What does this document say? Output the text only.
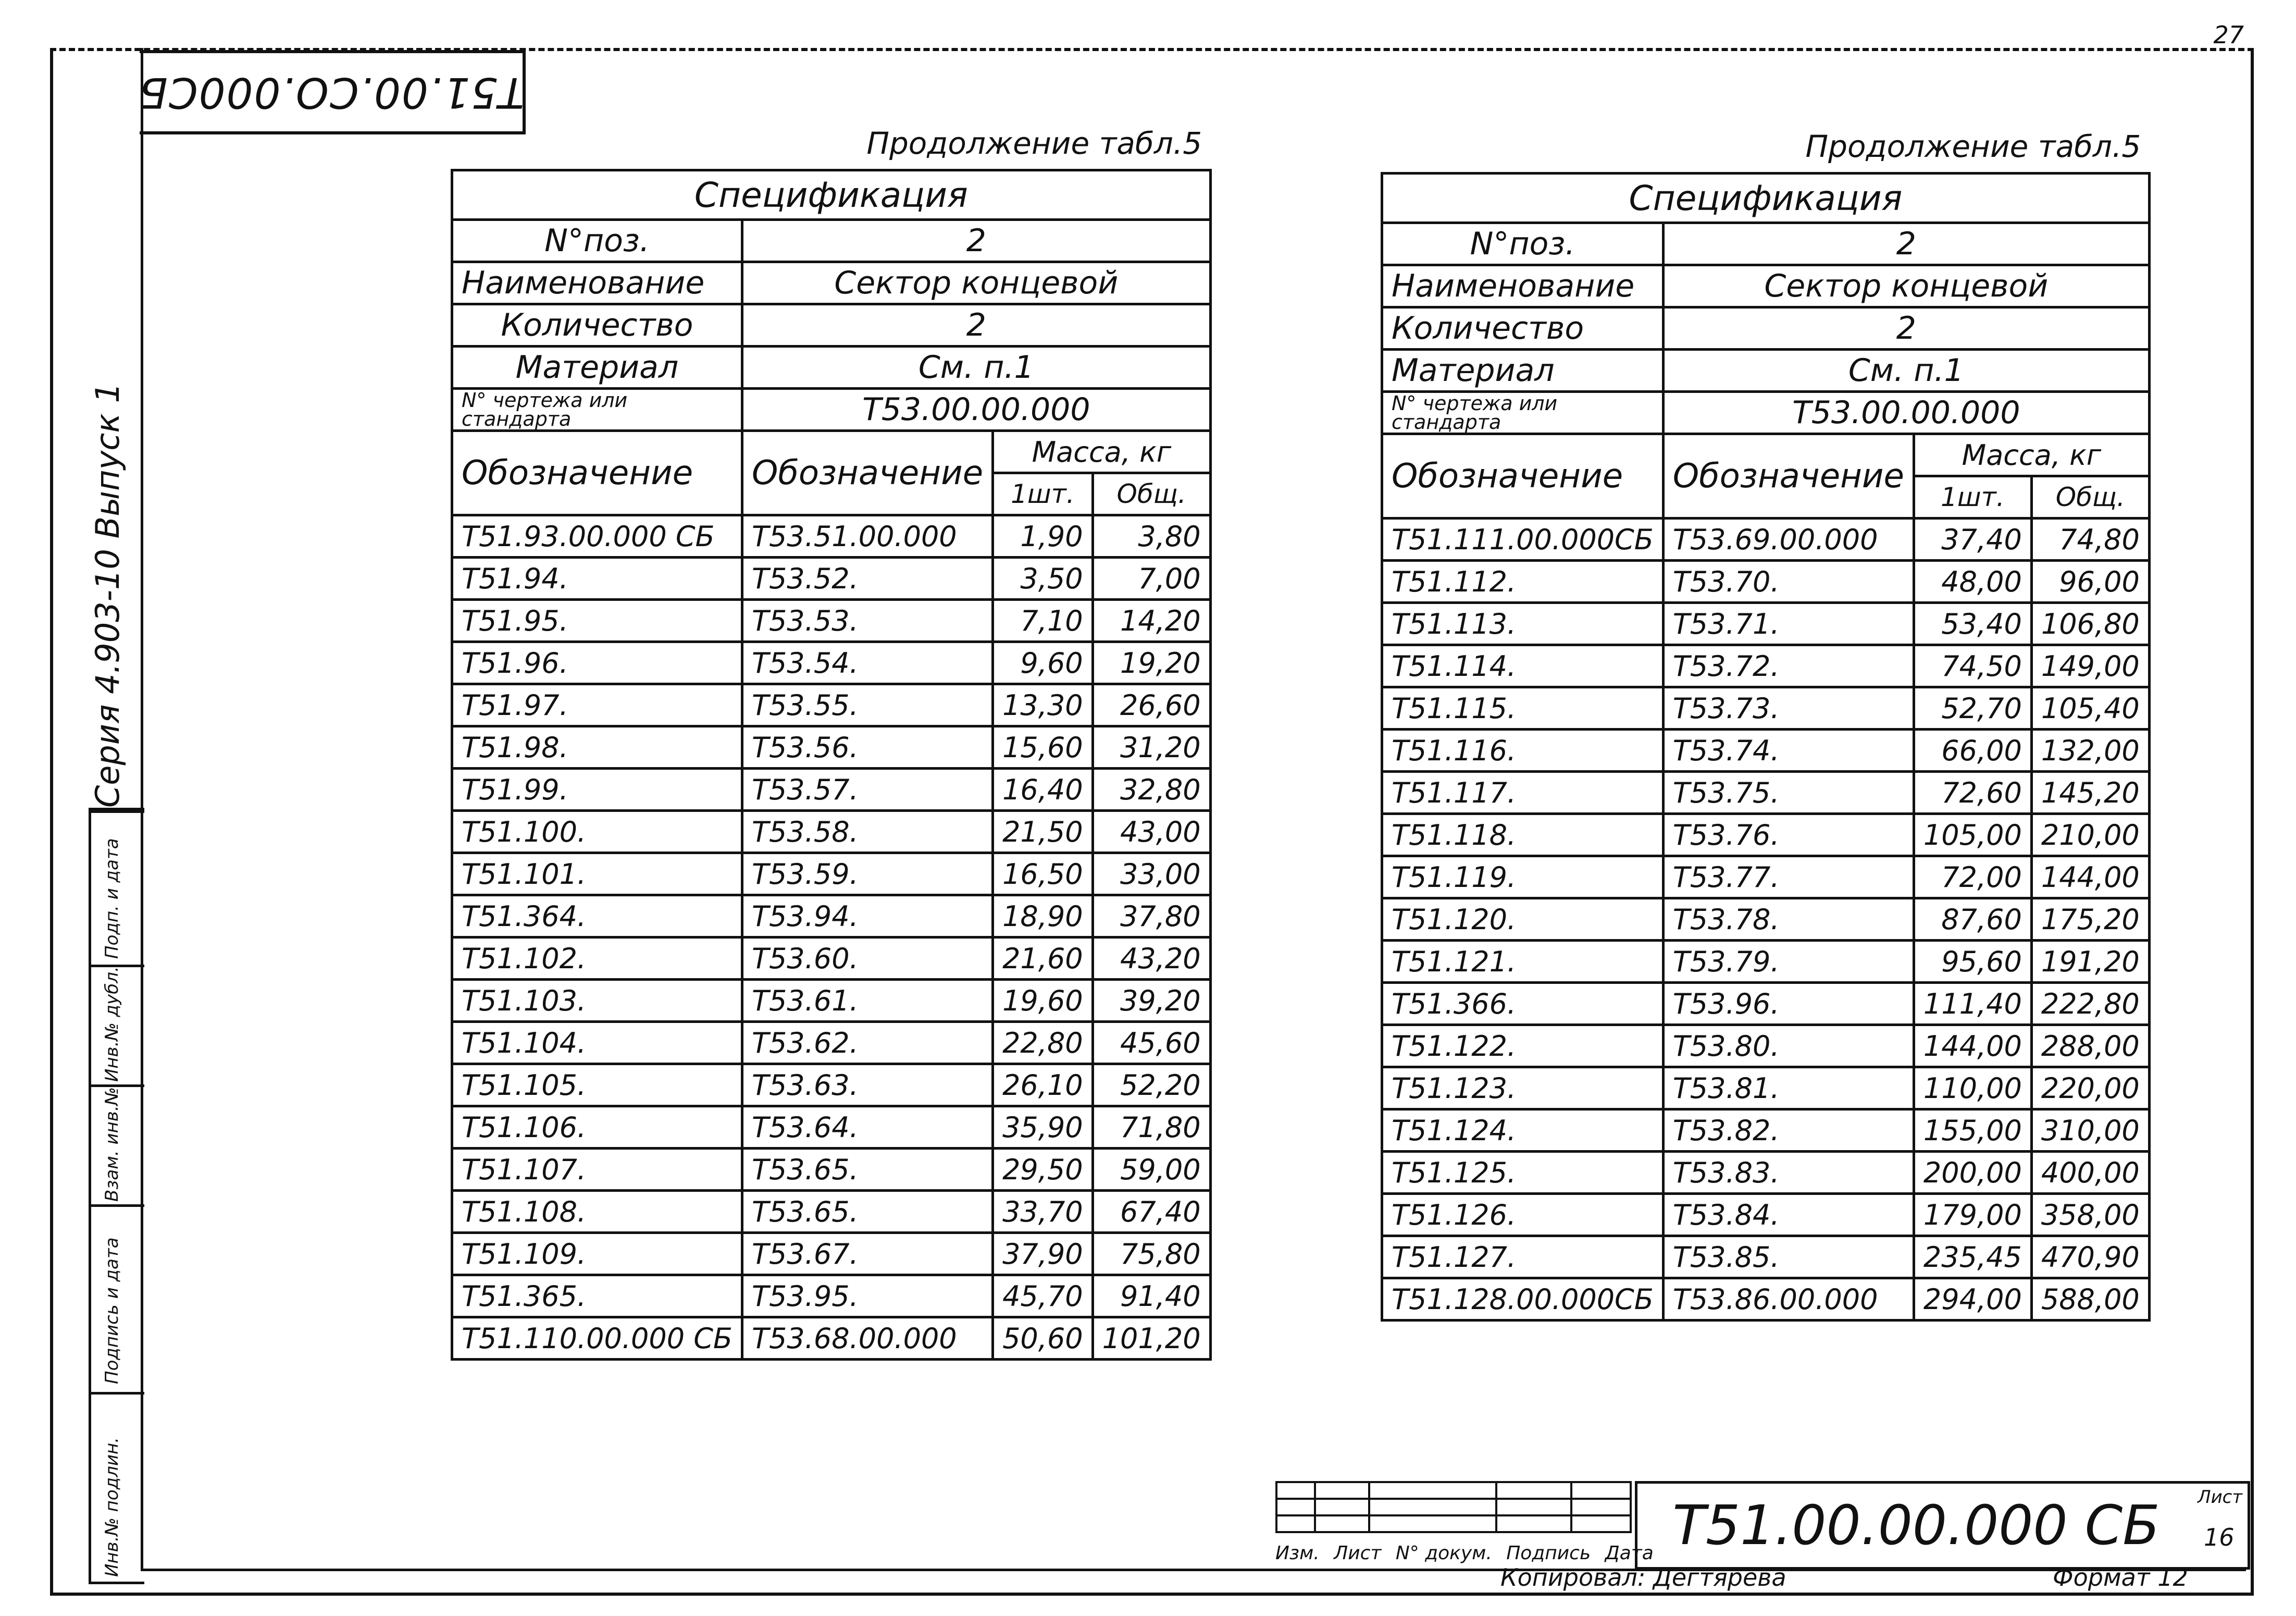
27
Т51.00.СО.000СБ
Серия 4.903-10 Выпуск 1
Подп. и дата
Инв.№ дубл.
Взам. инв.№
Подпись и дата
Инв.№ подлин.
Продолжение табл.5			
Спецификация			
N°поз.	2		
Наименование	Сектор концевой		
Количество	2		
Материал	См. п.1		
N° чертежа или стандарта	Т53.00.00.000		
Обозначение	Обозначение	Масса, кг	
		1шт.	Общ.
Т51.93.00.000 СБ	Т53.51.00.000	1,90	3,80
Т51.94.	Т53.52.	3,50	7,00
Т51.95.	Т53.53.	7,10	14,20
Т51.96.	Т53.54.	9,60	19,20
Т51.97.	Т53.55.	13,30	26,60
Т51.98.	Т53.56.	15,60	31,20
Т51.99.	Т53.57.	16,40	32,80
Т51.100.	Т53.58.	21,50	43,00
Т51.101.	Т53.59.	16,50	33,00
Т51.364.	Т53.94.	18,90	37,80
Т51.102.	Т53.60.	21,60	43,20
Т51.103.	Т53.61.	19,60	39,20
Т51.104.	Т53.62.	22,80	45,60
Т51.105.	Т53.63.	26,10	52,20
Т51.106.	Т53.64.	35,90	71,80
Т51.107.	Т53.65.	29,50	59,00
Т51.108.	Т53.65.	33,70	67,40
Т51.109.	Т53.67.	37,90	75,80
Т51.365.	Т53.95.	45,70	91,40
Т51.110.00.000 СБ	Т53.68.00.000	50,60	101,20
Продолжение табл.5			
Спецификация			
N°поз.	2		
Наименование	Сектор концевой		
Количество	2		
Материал	См. п.1		
N° чертежа или стандарта	Т53.00.00.000		
Обозначение	Обозначение	Масса, кг	
		1шт.	Общ.
Т51.111.00.000СБ	Т53.69.00.000	37,40	74,80
Т51.112.	Т53.70.	48,00	96,00
Т51.113.	Т53.71.	53,40	106,80
Т51.114.	Т53.72.	74,50	149,00
Т51.115.	Т53.73.	52,70	105,40
Т51.116.	Т53.74.	66,00	132,00
Т51.117.	Т53.75.	72,60	145,20
Т51.118.	Т53.76.	105,00	210,00
Т51.119.	Т53.77.	72,00	144,00
Т51.120.	Т53.78.	87,60	175,20
Т51.121.	Т53.79.	95,60	191,20
Т51.366.	Т53.96.	111,40	222,80
Т51.122.	Т53.80.	144,00	288,00
Т51.123.	Т53.81.	110,00	220,00
Т51.124.	Т53.82.	155,00	310,00
Т51.125.	Т53.83.	200,00	400,00
Т51.126.	Т53.84.	179,00	358,00
Т51.127.	Т53.85.	235,45	470,90
Т51.128.00.000СБ	Т53.86.00.000	294,00	588,00

Изм. Лист N° докум. Подпись Дата Т51.00.00.000 СБ	Лист
16
Копировал: Дегтярева	Формат 12
